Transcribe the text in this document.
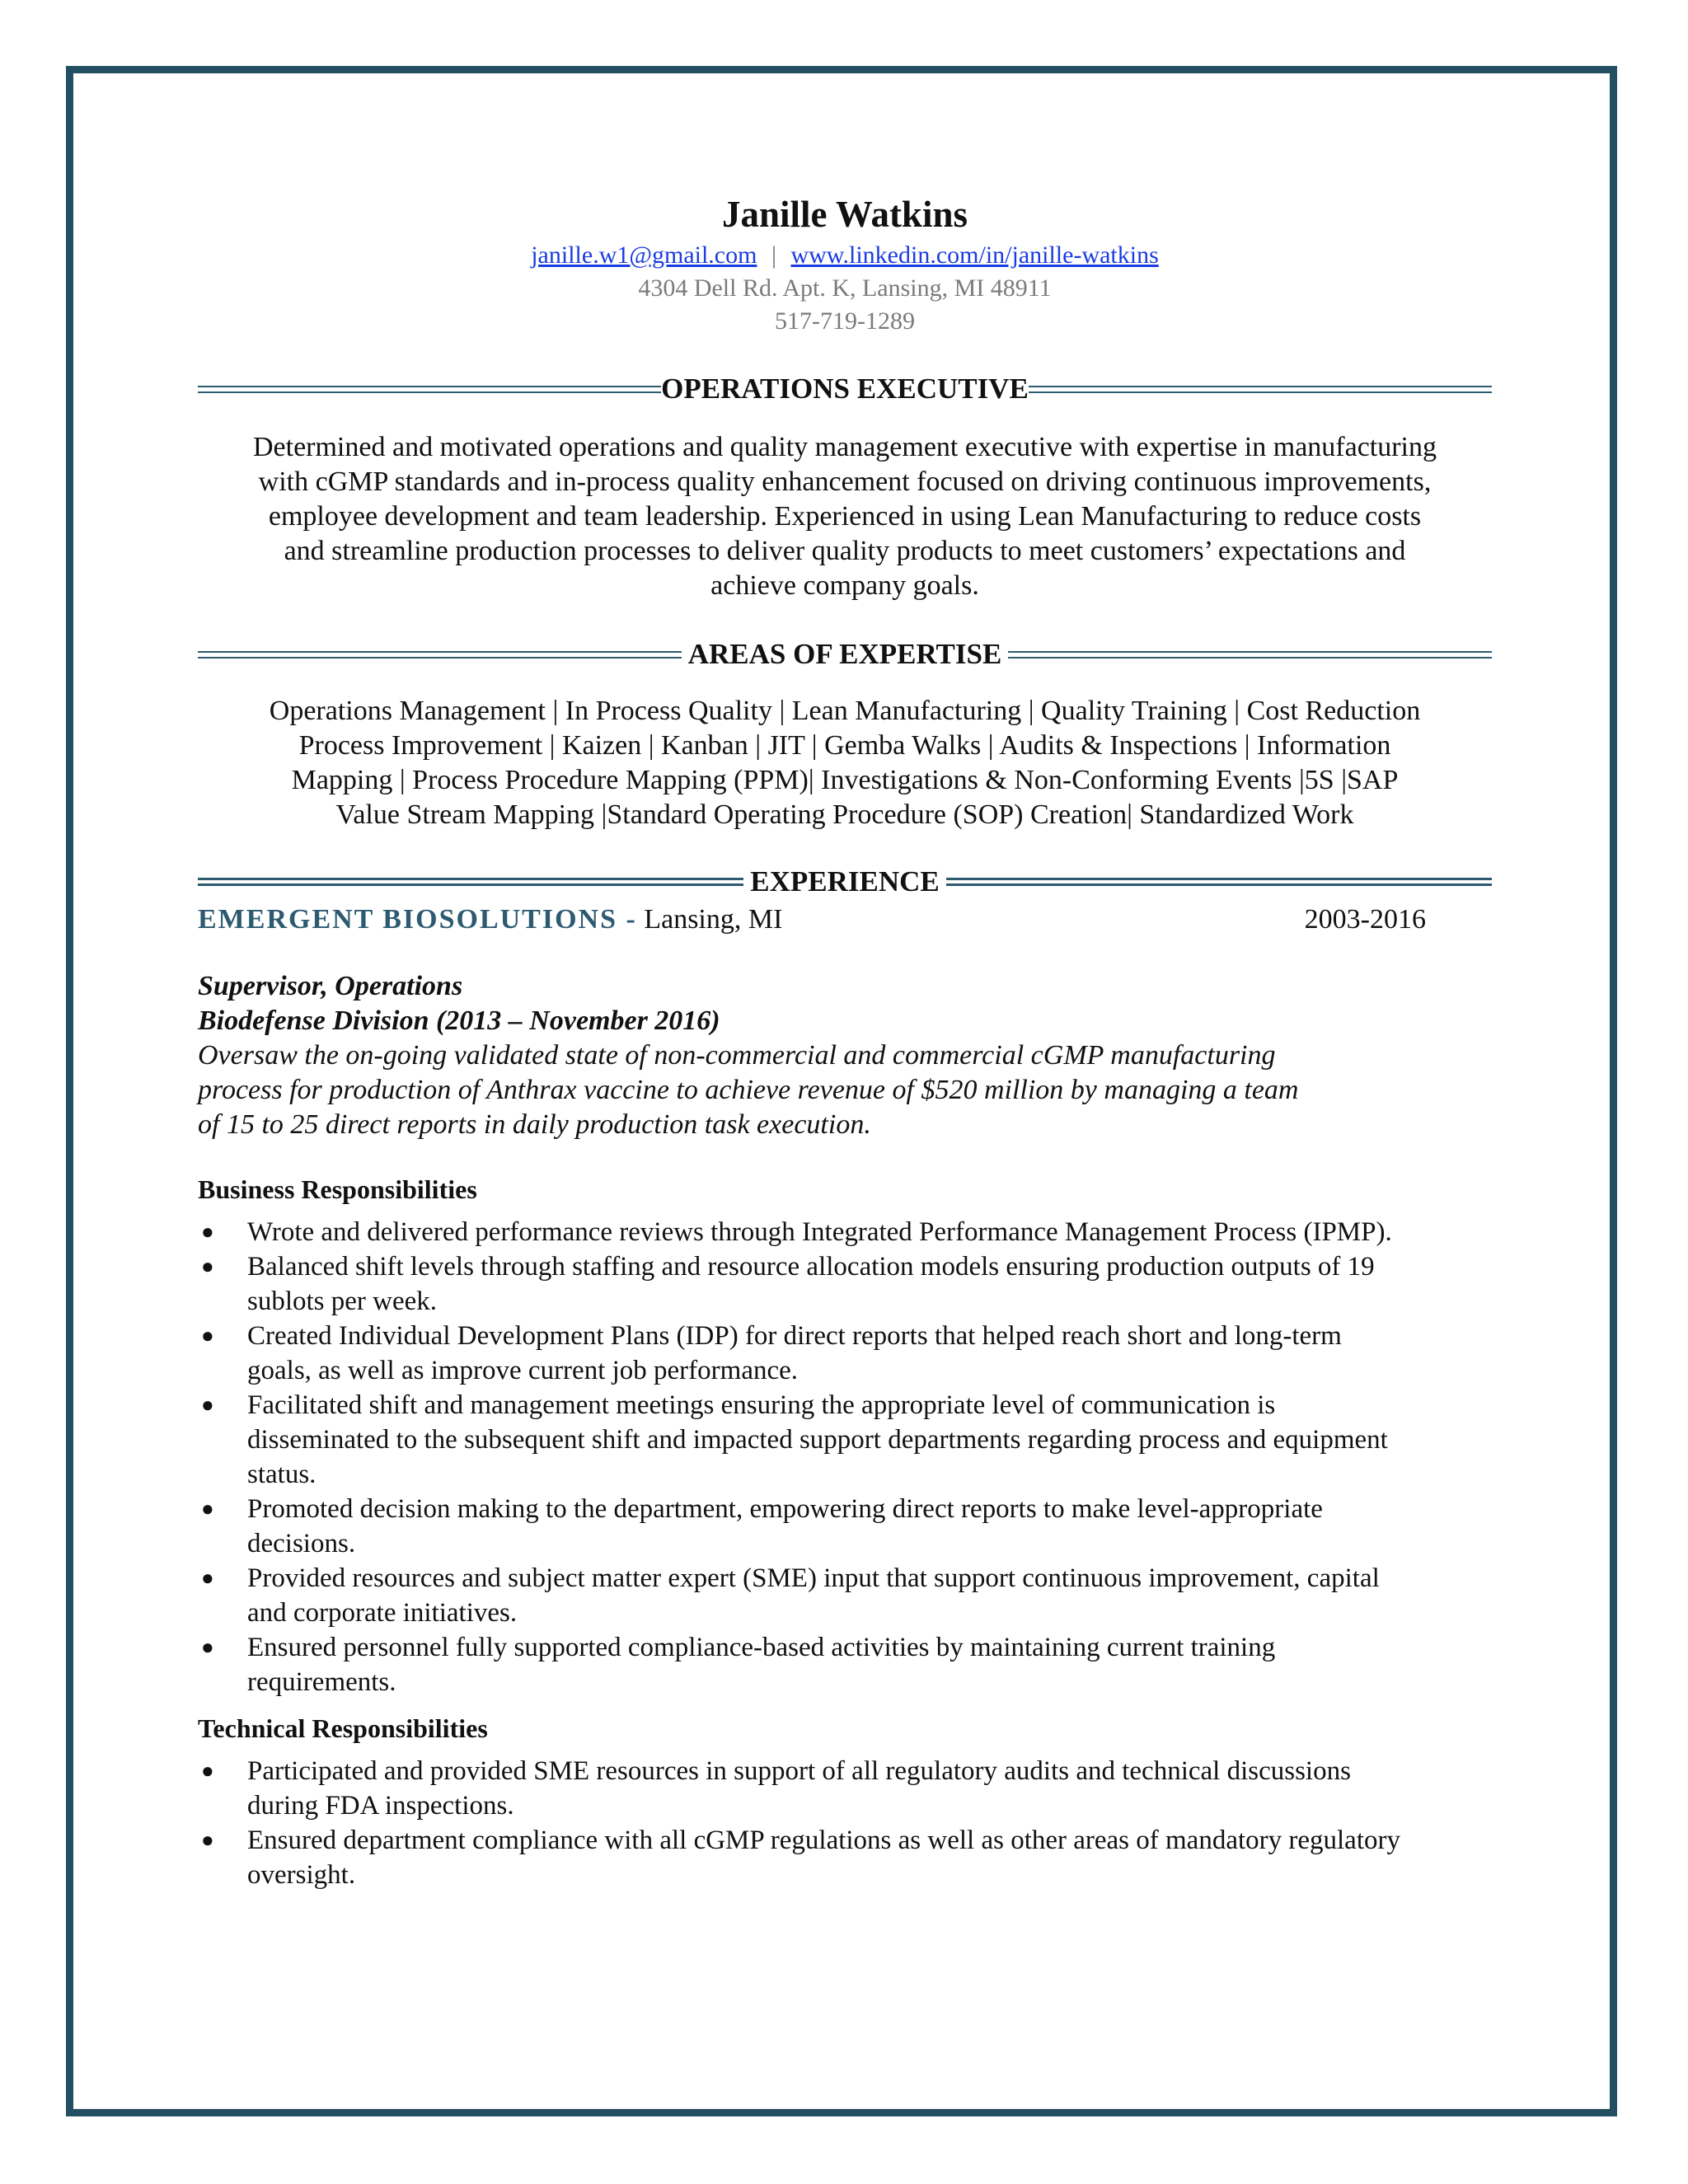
Janille Watkins
janille.w1@gmail.com | www.linkedin.com/in/janille-watkins
4304 Dell Rd. Apt. K, Lansing, MI 48911
517-719-1289
OPERATIONS EXECUTIVE
Determined and motivated operations and quality management executive with expertise in manufacturing
with cGMP standards and in-process quality enhancement focused on driving continuous improvements,
employee development and team leadership. Experienced in using Lean Manufacturing to reduce costs
and streamline production processes to deliver quality products to meet customers’ expectations and
achieve company goals.
AREAS OF EXPERTISE
Operations Management | In Process Quality | Lean Manufacturing | Quality Training | Cost Reduction
Process Improvement | Kaizen | Kanban | JIT | Gemba Walks | Audits & Inspections | Information
Mapping | Process Procedure Mapping (PPM)| Investigations & Non-Conforming Events |5S |SAP
Value Stream Mapping |Standard Operating Procedure (SOP) Creation| Standardized Work
EXPERIENCE
EMERGENT BIOSOLUTIONS - Lansing, MI	2003-2016
Supervisor, Operations
Biodefense Division (2013 – November 2016)
Oversaw the on-going validated state of non-commercial and commercial cGMP manufacturing
process for production of Anthrax vaccine to achieve revenue of $520 million by managing a team
of 15 to 25 direct reports in daily production task execution.
Business Responsibilities
● Wrote and delivered performance reviews through Integrated Performance Management Process (IPMP).
● Balanced shift levels through staffing and resource allocation models ensuring production outputs of 19 sublots per week.
● Created Individual Development Plans (IDP) for direct reports that helped reach short and long-term goals, as well as improve current job performance.
● Facilitated shift and management meetings ensuring the appropriate level of communication is disseminated to the subsequent shift and impacted support departments regarding process and equipment status.
● Promoted decision making to the department, empowering direct reports to make level-appropriate decisions.
● Provided resources and subject matter expert (SME) input that support continuous improvement, capital and corporate initiatives.
● Ensured personnel fully supported compliance-based activities by maintaining current training requirements.
Technical Responsibilities
● Participated and provided SME resources in support of all regulatory audits and technical discussions during FDA inspections.
● Ensured department compliance with all cGMP regulations as well as other areas of mandatory regulatory oversight.
